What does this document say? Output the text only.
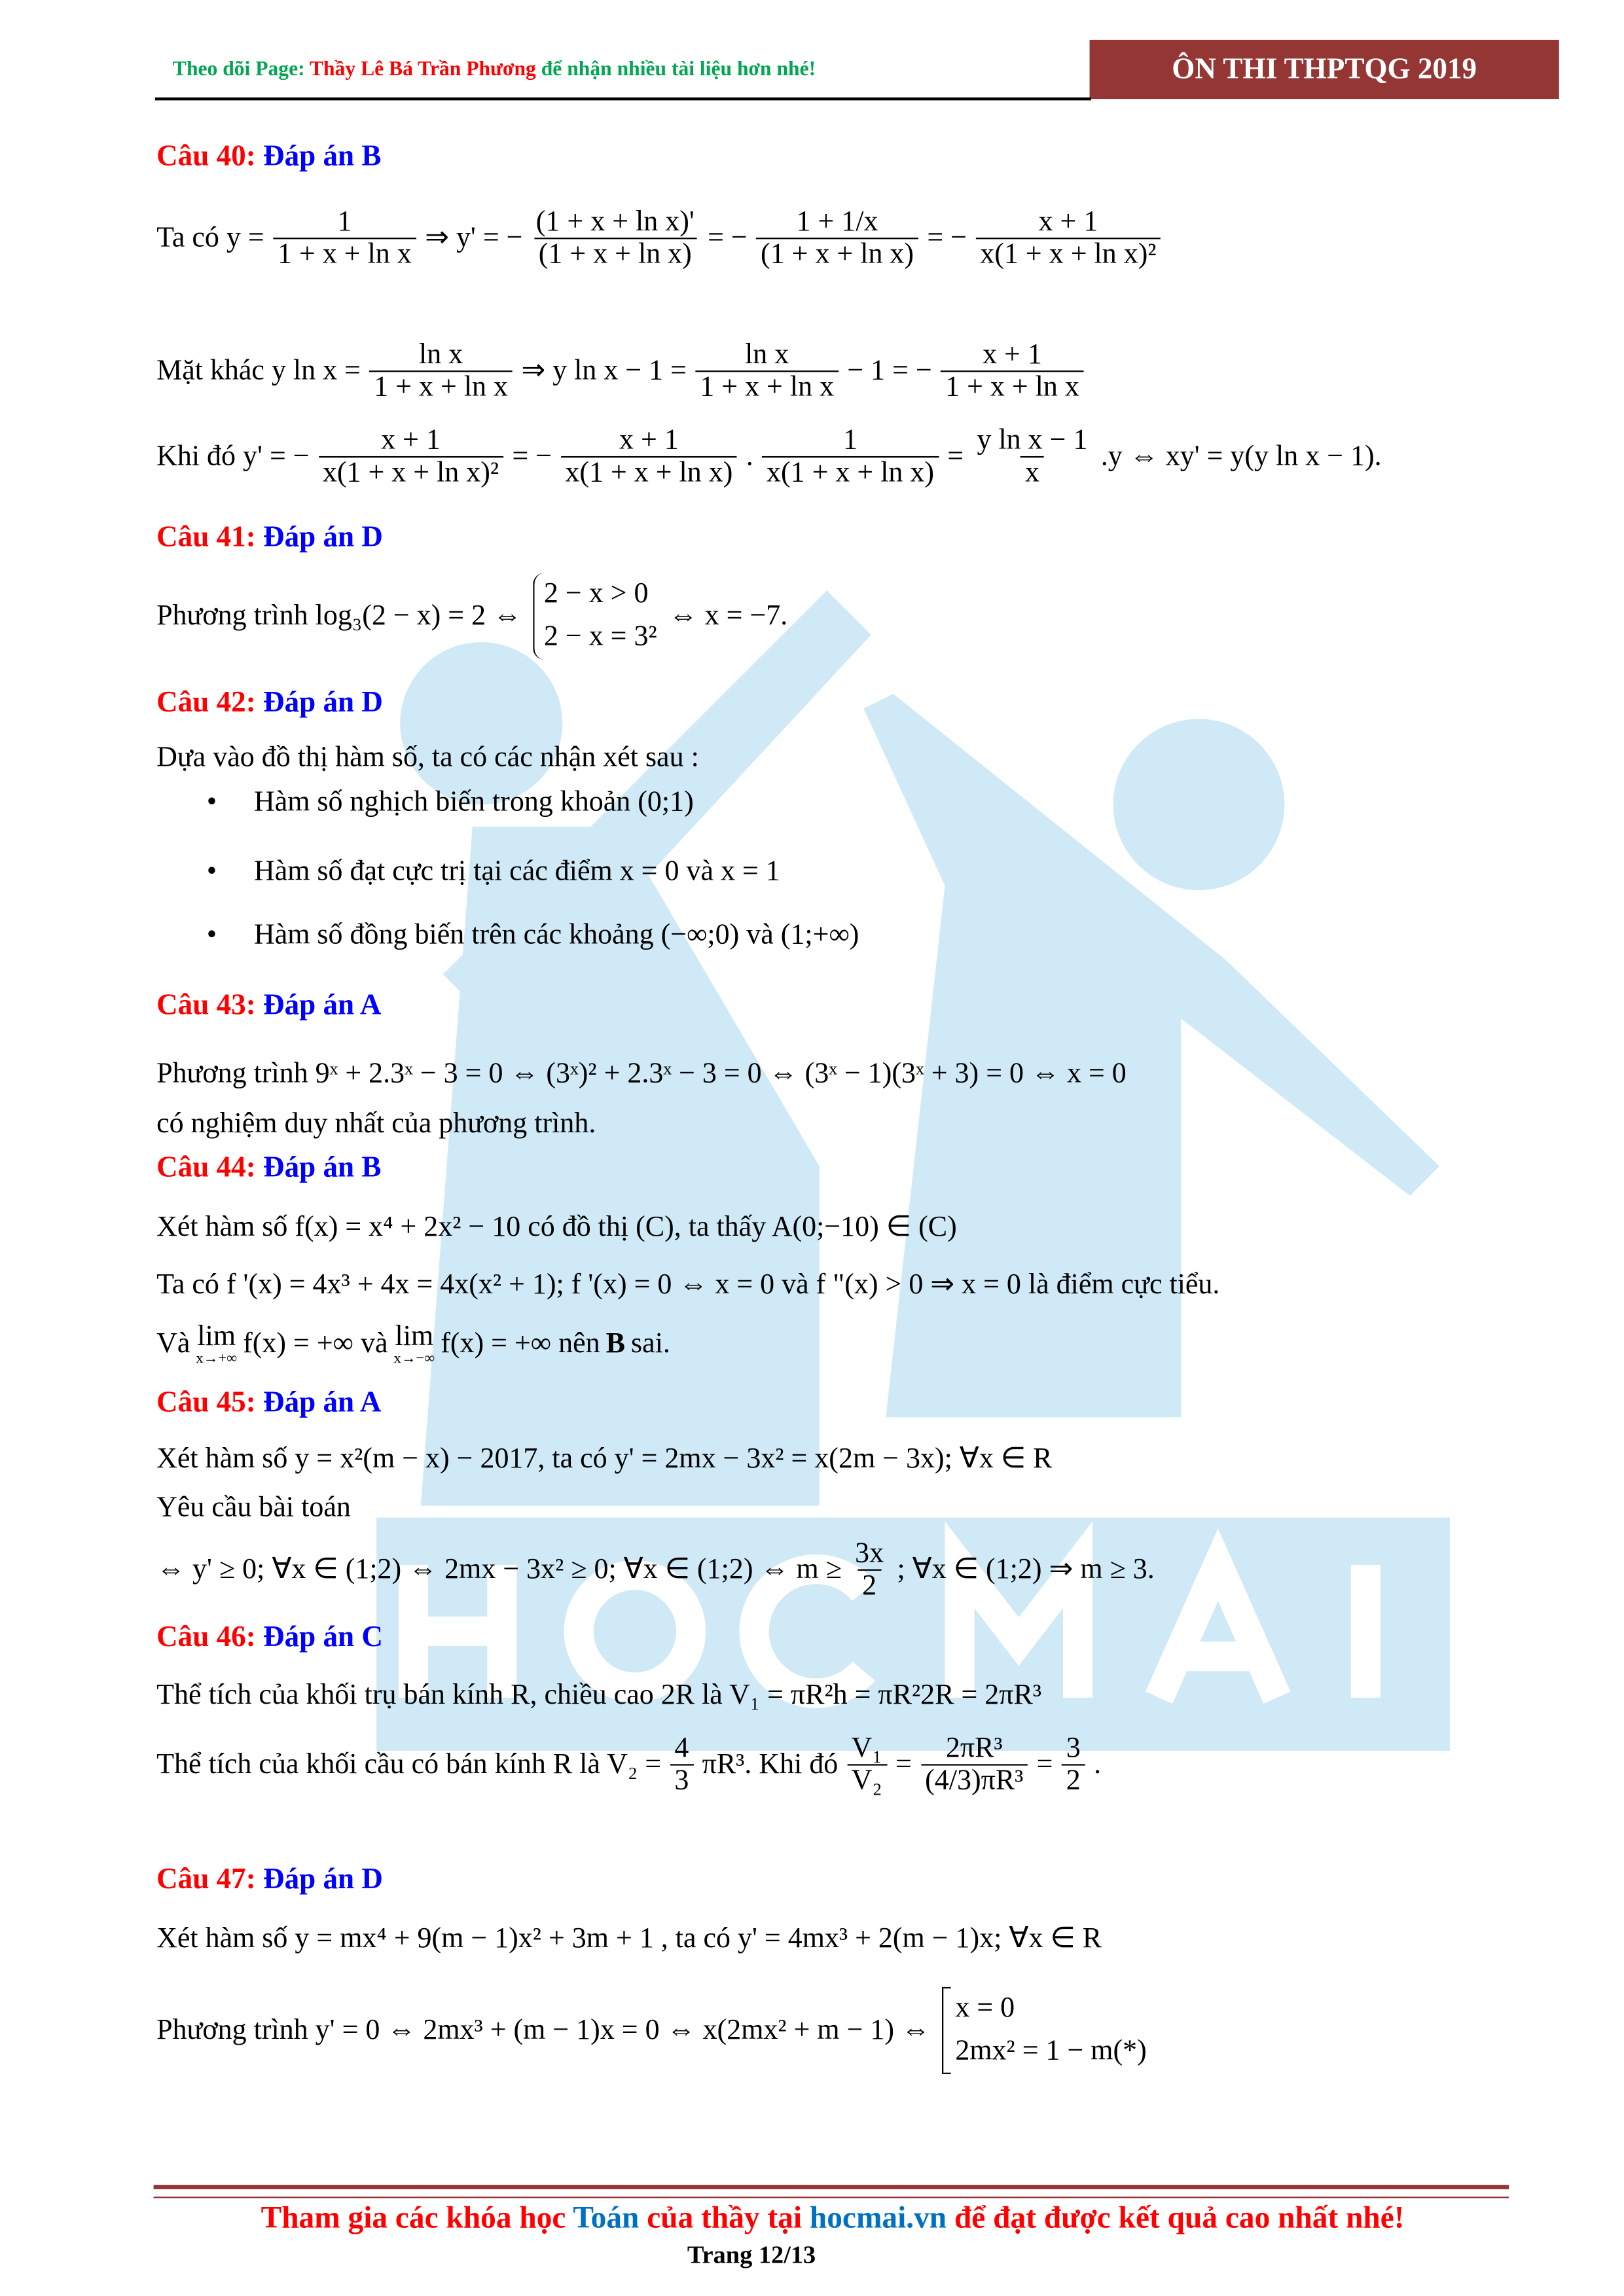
Theo dõi Page: Thầy Lê Bá Trần Phương để nhận nhiều tài liệu hơn nhé!	ÔN THI THPTQG 2019
Câu 40: Đáp án B
Ta có $y = \frac{1}{\text{1 + x + ln x}}$ ⇒ y' = − $\frac{\text{(1 + x + ln x)'}}{\text{(1 + x + ln x)}}$ = − $\frac{1 + 1/x}{\text{(1 + x + ln x)}}$ = − $\frac{x + 1}{\text{x(1 + x + ln x)²}}$
Mặt khác y $\ln x = \frac{\text{ln x}}{\text{1 + x + ln x}}$ ⇒ y $\ln x - 1 = \frac{\text{ln x}}{\text{1 + x + ln x}} - 1$ = − $\frac{x + 1}{\text{1 + x + ln x}}$
Khi đó y' = − $\frac{x + 1}{\text{x(1 + x + ln x)²}}$ = − $\frac{x + 1}{\text{x(1 + x + ln x)}}$ . $\frac{1}{\text{x(1 + x + ln x)}} = \frac{\text{y ln x − 1}}{x} .y$ ⇔ xy' = y(y ln x − 1).
Câu 41: Đáp án D
Phương trình log₃(2 − x) = 2 ⇔
2 − x > 0
2 − x = 3²
⇔ x = −7.
Câu 42: Đáp án D
Dựa vào đồ thị hàm số, ta có các nhận xét sau :
•	Hàm số nghịch biến trong khoản (0;1)
•	Hàm số đạt cực trị tại các điểm x = 0 và x = 1
•	Hàm số đồng biến trên các khoảng (−∞;0) và (1;+∞)
Câu 43: Đáp án A
Phương trình 9ˣ + 2.3ˣ − 3 = 0 ⇔ (3ˣ)² + 2.3ˣ − 3 = 0 ⇔ (3ˣ − 1)(3ˣ + 3) = 0 ⇔ x = 0
có nghiệm duy nhất của phương trình.
Câu 44: Đáp án B
Xét hàm số f(x) = x⁴ + 2x² − 10 có đồ thị (C), ta thấy A(0;−10) ∈ (C)
Ta có f '(x) = 4x³ + 4x = 4x(x² + 1); f '(x) = 0 ⇔ x = 0 và f "(x) > 0 ⇒ x = 0 là điểm cực tiểu.
Và lim
x→+∞ f(x) = +∞ và lim
x→−∞ f(x) = +∞ nên B sai.
Câu 45: Đáp án A
Xét hàm số y = x²(m − x) − 2017, ta có y' = 2mx − 3x² = x(2m − 3x); ∀x ∈ R
Yêu cầu bài toán
⇔ y' ≥ 0; ∀x ∈ (1;2) ⇔ 2mx − 3x² ≥ 0; ∀x ∈ (1;2) ⇔ $m \ge \frac{3x}{2}$ ; ∀x ∈ (1;2) ⇒ m ≥ 3.
Câu 46: Đáp án C
Thể tích của khối trụ bán kính R, chiều cao 2R là V₁ = πR²h = πR²2R = 2πR³
Thể tích của khối cầu có bán kính R là $V_2 = \frac{4}{3} \pi R^3$. Khi đó $\frac{\text{V₁}}{\text{V₂}} = \frac{\text{2πR³}}{\text{(4/3)πR³}} = \frac{3}{2}$ .
Câu 47: Đáp án D
Xét hàm số y = mx⁴ + 9(m − 1)x² + 3m + 1 , ta có y' = 4mx³ + 2(m − 1)x; ∀x ∈ R
Phương trình y' = 0 ⇔ 2mx³ + (m − 1)x = 0 ⇔ x(2mx² + m − 1) ⇔
x = 0
2mx² = 1 − m(*)
Tham gia các khóa học Toán của thầy tại hocmai.vn để đạt được kết quả cao nhất nhé!
Trang 12/13
